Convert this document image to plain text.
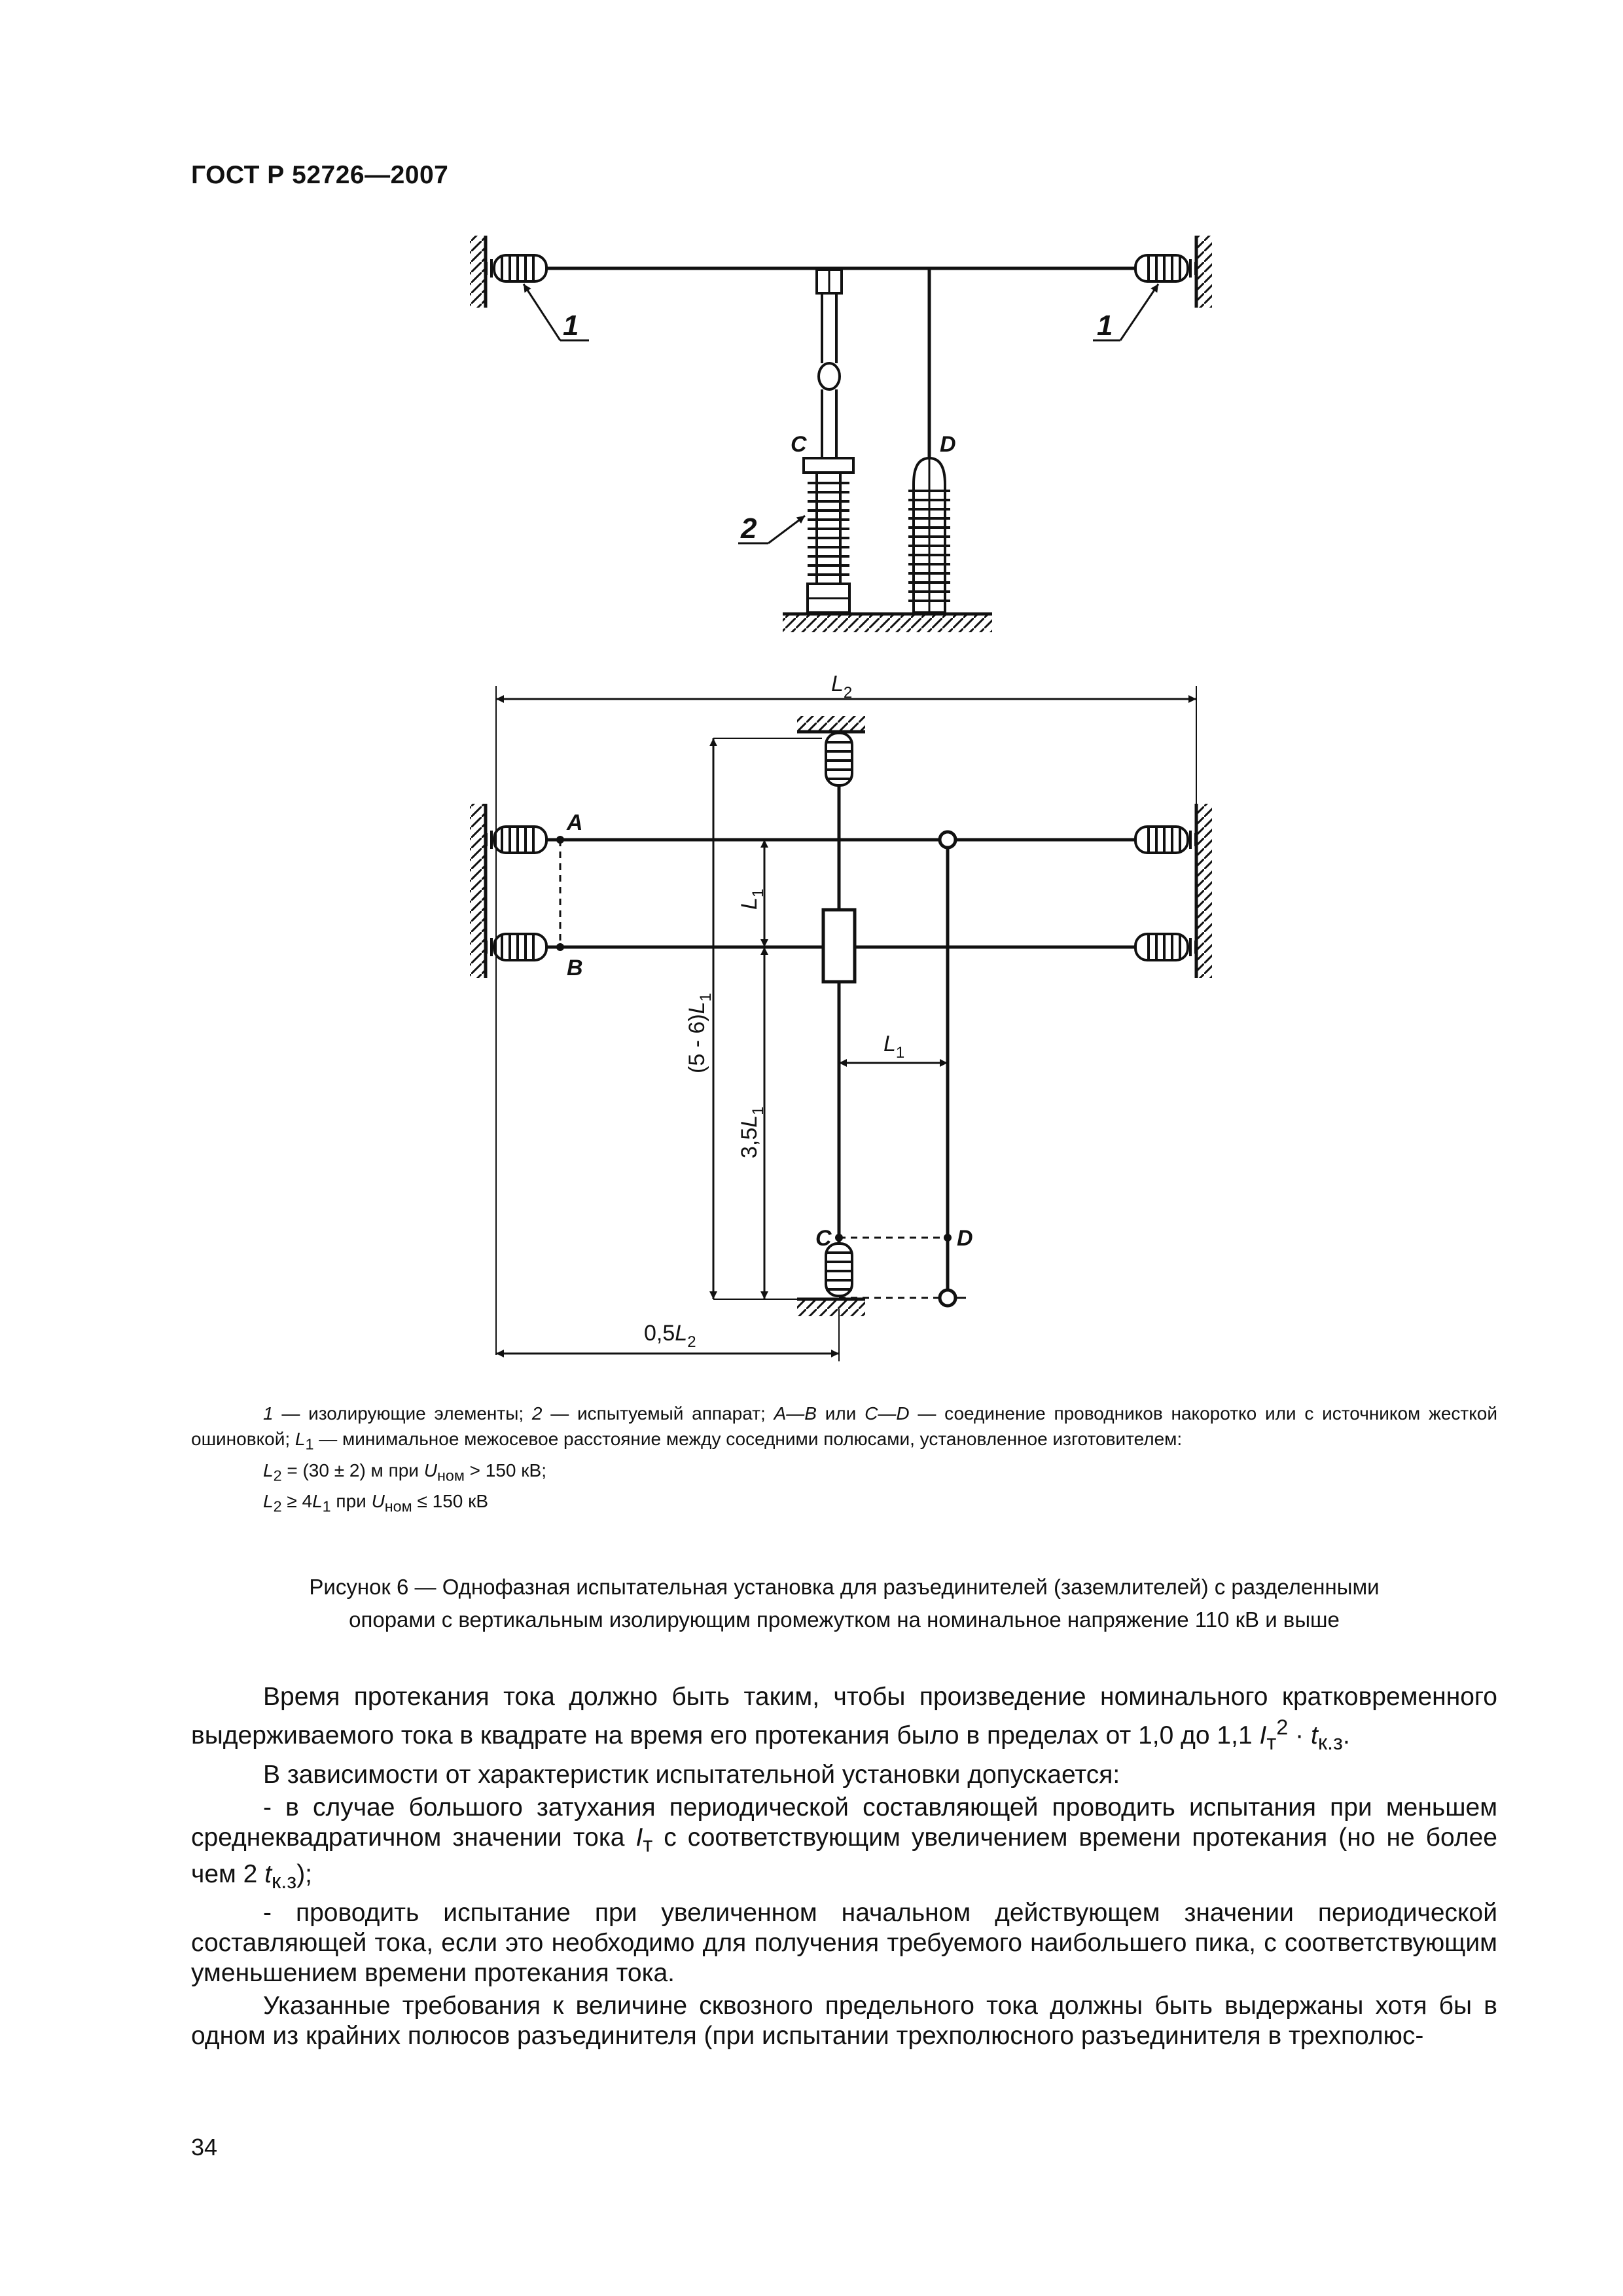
ГОСТ Р 52726—2007
1	1
2
C	D
$L_2$
$0,5L_2$
$(5 - 6)L_1$
$L_1$
$3,5L_1$
$L_1$
A
B
C	D

1 — изолирующие элементы; 2 — испытуемый аппарат; A—B или C—D — соединение проводников накоротко или с источником жесткой ошиновкой; $L_1$ — минимальное межосевое расстояние между соседними полюсами, установленное изготовителем:

$L_2 = (30 \pm 2)$ м при $U_{ном} > 150$ кВ;

$L_2 \ge 4L_1$ при $U_{ном} \le 150$ кВ

Рисунок 6 — Однофазная испытательная установка для разъединителей (заземлителей) с разделенными
опорами с вертикальным изолирующим промежутком на номинальное напряжение 110 кВ и выше

Время протекания тока должно быть таким, чтобы произведение номинального кратковременного выдерживаемого тока в квадрате на время его протекания было в пределах от 1,0 до 1,1 $I_т^2 \cdot t_{к.з}$.

В зависимости от характеристик испытательной установки допускается:

- в случае большого затухания периодической составляющей проводить испытания при меньшем среднеквадратичном значении тока $I_т$ с соответствующим увеличением времени протекания (но не более чем 2 $t_{к.з}$);

- проводить испытание при увеличенном начальном действующем значении периодической составляющей тока, если это необходимо для получения требуемого наибольшего пика, с соответствующим уменьшением времени протекания тока.

Указанные требования к величине сквозного предельного тока должны быть выдержаны хотя бы в одном из крайних полюсов разъединителя (при испытании трехполюсного разъединителя в трехполюс-

34
